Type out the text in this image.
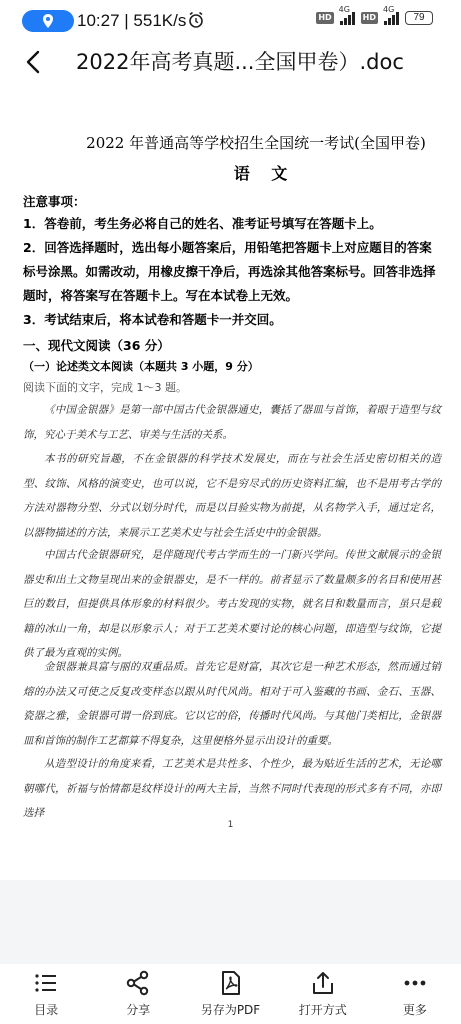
10:27 | 551K/s	HD
4G
HD
4G
79
2022年高考真题...全国甲卷）.doc
2022 年普通高等学校招生全国统一考试(全国甲卷)
语 文
注意事项：
1．答卷前，考生务必将自己的姓名、准考证号填写在答题卡上。
2．回答选择题时，选出每小题答案后，用铅笔把答题卡上对应题目的答案标号涂黑。如需改动，用橡皮擦干净后，再选涂其他答案标号。回答非选择题时，将答案写在答题卡上。写在本试卷上无效。
3．考试结束后，将本试卷和答题卡一并交回。
一、现代文阅读（36 分）
（一）论述类文本阅读（本题共 3 小题，9 分）
阅读下面的文字，完成 1～3 题。
《中国金银器》是第一部中国古代金银器通史，囊括了器皿与首饰，着眼于造型与纹饰，究心于美术与工艺、审美与生活的关系。
本书的研究旨趣，不在金银器的科学技术发展史，而在与社会生活史密切相关的造型、纹饰、风格的演变史，也可以说，它不是穷尽式的历史资料汇编，也不是用考古学的方法对器物分型、分式以划分时代，而是以目验实物为前提，从名物学入手，通过定名，以器物描述的方法，来展示工艺美术史与社会生活史中的金银器。
中国古代金银器研究，是伴随现代考古学而生的一门新兴学问。传世文献展示的金银器史和出土文物呈现出来的金银器史，是不一样的。前者显示了数量颇多的名目和使用甚巨的数目，但提供具体形象的材料很少。考古发现的实物，就名目和数量而言，虽只是载籍的冰山一角，却是以形象示人；对于工艺美术要讨论的核心问题，即造型与纹饰，它提供了最为直观的实例。
金银器兼具富与丽的双重品质。首先它是财富，其次它是一种艺术形态，然而通过销熔的办法又可使之反复改变样态以跟从时代风尚。相对于可入鉴藏的书画、金石、玉器、瓷器之雅，金银器可谓一俗到底。它以它的俗，传播时代风尚。与其他门类相比，金银器皿和首饰的制作工艺都算不得复杂，这里便格外显示出设计的重要。
从造型设计的角度来看，工艺美术是共性多、个性少，最为贴近生活的艺术，无论哪朝哪代，祈福与怡情都是纹样设计的两大主旨，当然不同时代表现的形式多有不同，亦即选择
1
目录	分享	另存为PDF	打开方式	更多
